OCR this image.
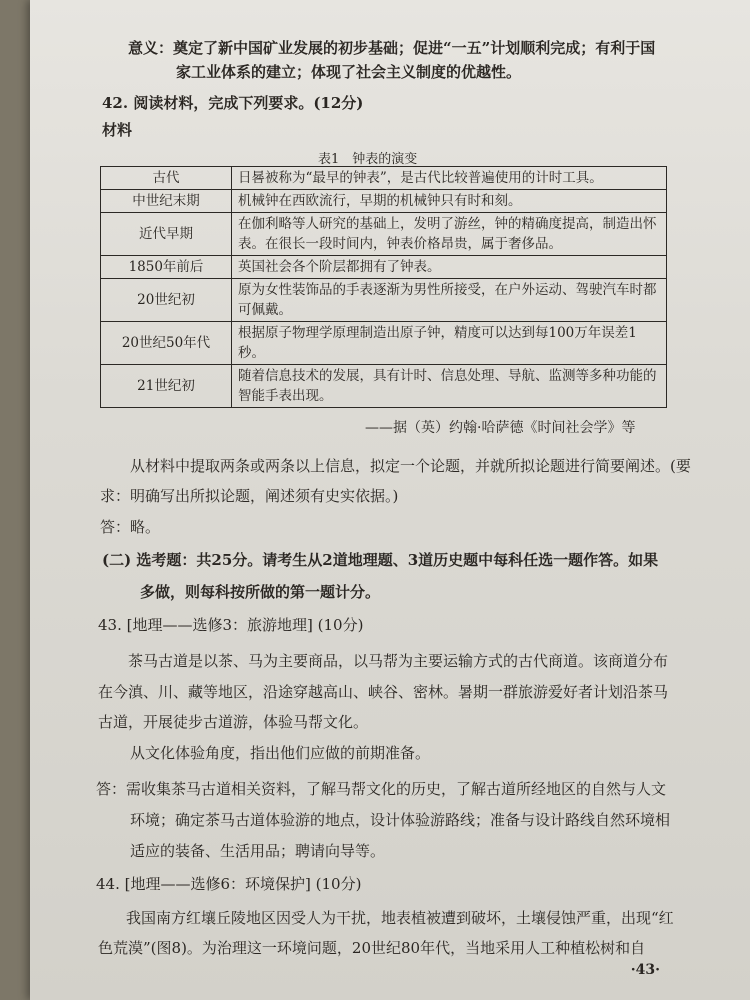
意义：奠定了新中国矿业发展的初步基础；促进“一五”计划顺利完成；有利于国
家工业体系的建立；体现了社会主义制度的优越性。
42. 阅读材料，完成下列要求。(12分)
材料
表1　钟表的演变
古代	日晷被称为“最早的钟表”，是古代比较普遍使用的计时工具。
中世纪末期	机械钟在西欧流行，早期的机械钟只有时和刻。
近代早期	在伽利略等人研究的基础上，发明了游丝，钟的精确度提高，制造出怀表。在很长一段时间内，钟表价格昂贵，属于奢侈品。
1850年前后	英国社会各个阶层都拥有了钟表。
20世纪初	原为女性装饰品的手表逐渐为男性所接受，在户外运动、驾驶汽车时都可佩戴。
20世纪50年代	根据原子物理学原理制造出原子钟，精度可以达到每100万年误差1秒。
21世纪初	随着信息技术的发展，具有计时、信息处理、导航、监测等多种功能的智能手表出现。
——据（英）约翰·哈萨德《时间社会学》等
从材料中提取两条或两条以上信息，拟定一个论题，并就所拟论题进行简要阐述。(要
求：明确写出所拟论题，阐述须有史实依据。)
答：略。
(二) 选考题：共25分。请考生从2道地理题、3道历史题中每科任选一题作答。如果
多做，则每科按所做的第一题计分。
43. [地理——选修3：旅游地理] (10分)
茶马古道是以茶、马为主要商品，以马帮为主要运输方式的古代商道。该商道分布
在今滇、川、藏等地区，沿途穿越高山、峡谷、密林。暑期一群旅游爱好者计划沿茶马
古道，开展徒步古道游，体验马帮文化。
从文化体验角度，指出他们应做的前期准备。
答：需收集茶马古道相关资料，了解马帮文化的历史，了解古道所经地区的自然与人文
环境；确定茶马古道体验游的地点，设计体验游路线；准备与设计路线自然环境相
适应的装备、生活用品；聘请向导等。
44. [地理——选修6：环境保护] (10分)
我国南方红壤丘陵地区因受人为干扰，地表植被遭到破坏，土壤侵蚀严重，出现“红
色荒漠”(图8)。为治理这一环境问题，20世纪80年代，当地采用人工种植松树和自
·43·
